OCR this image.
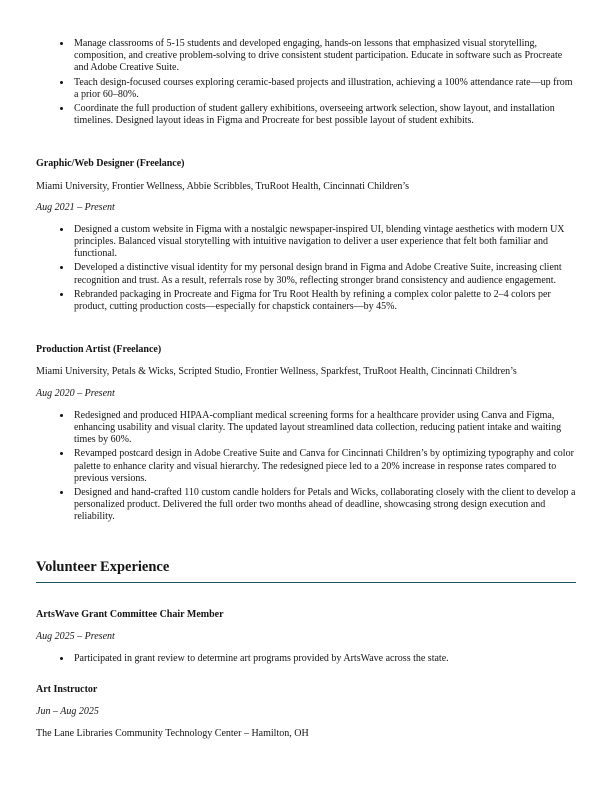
• Manage classrooms of 5-15 students and developed engaging, hands-on lessons that emphasized visual storytelling, composition, and creative problem-solving to drive consistent student participation. Educate in software such as Procreate and Adobe Creative Suite.
• Teach design-focused courses exploring ceramic-based projects and illustration, achieving a 100% attendance rate—up from a prior 60–80%.
• Coordinate the full production of student gallery exhibitions, overseeing artwork selection, show layout, and installation timelines. Designed layout ideas in Figma and Procreate for best possible layout of student exhibits.
Graphic/Web Designer (Freelance)

Miami University, Frontier Wellness, Abbie Scribbles, TruRoot Health, Cincinnati Children’s

Aug 2021 – Present

• Designed a custom website in Figma with a nostalgic newspaper-inspired UI, blending vintage aesthetics with modern UX principles. Balanced visual storytelling with intuitive navigation to deliver a user experience that felt both familiar and functional.
• Developed a distinctive visual identity for my personal design brand in Figma and Adobe Creative Suite, increasing client recognition and trust. As a result, referrals rose by 30%, reflecting stronger brand consistency and audience engagement.
• Rebranded packaging in Procreate and Figma for Tru Root Health by refining a complex color palette to 2–4 colors per product, cutting production costs—especially for chapstick containers—by 45%.
Production Artist (Freelance)

Miami University, Petals & Wicks, Scripted Studio, Frontier Wellness, Sparkfest, TruRoot Health, Cincinnati Children’s

Aug 2020 – Present

• Redesigned and produced HIPAA-compliant medical screening forms for a healthcare provider using Canva and Figma, enhancing usability and visual clarity. The updated layout streamlined data collection, reducing patient intake and waiting times by 60%.
• Revamped postcard design in Adobe Creative Suite and Canva for Cincinnati Children’s by optimizing typography and color palette to enhance clarity and visual hierarchy. The redesigned piece led to a 20% increase in response rates compared to previous versions.
• Designed and hand-crafted 110 custom candle holders for Petals and Wicks, collaborating closely with the client to develop a personalized product. Delivered the full order two months ahead of deadline, showcasing strong design execution and reliability.
Volunteer Experience
ArtsWave Grant Committee Chair Member

Aug 2025 – Present

• Participated in grant review to determine art programs provided by ArtsWave across the state.
Art Instructor

Jun – Aug 2025

The Lane Libraries Community Technology Center – Hamilton, OH
